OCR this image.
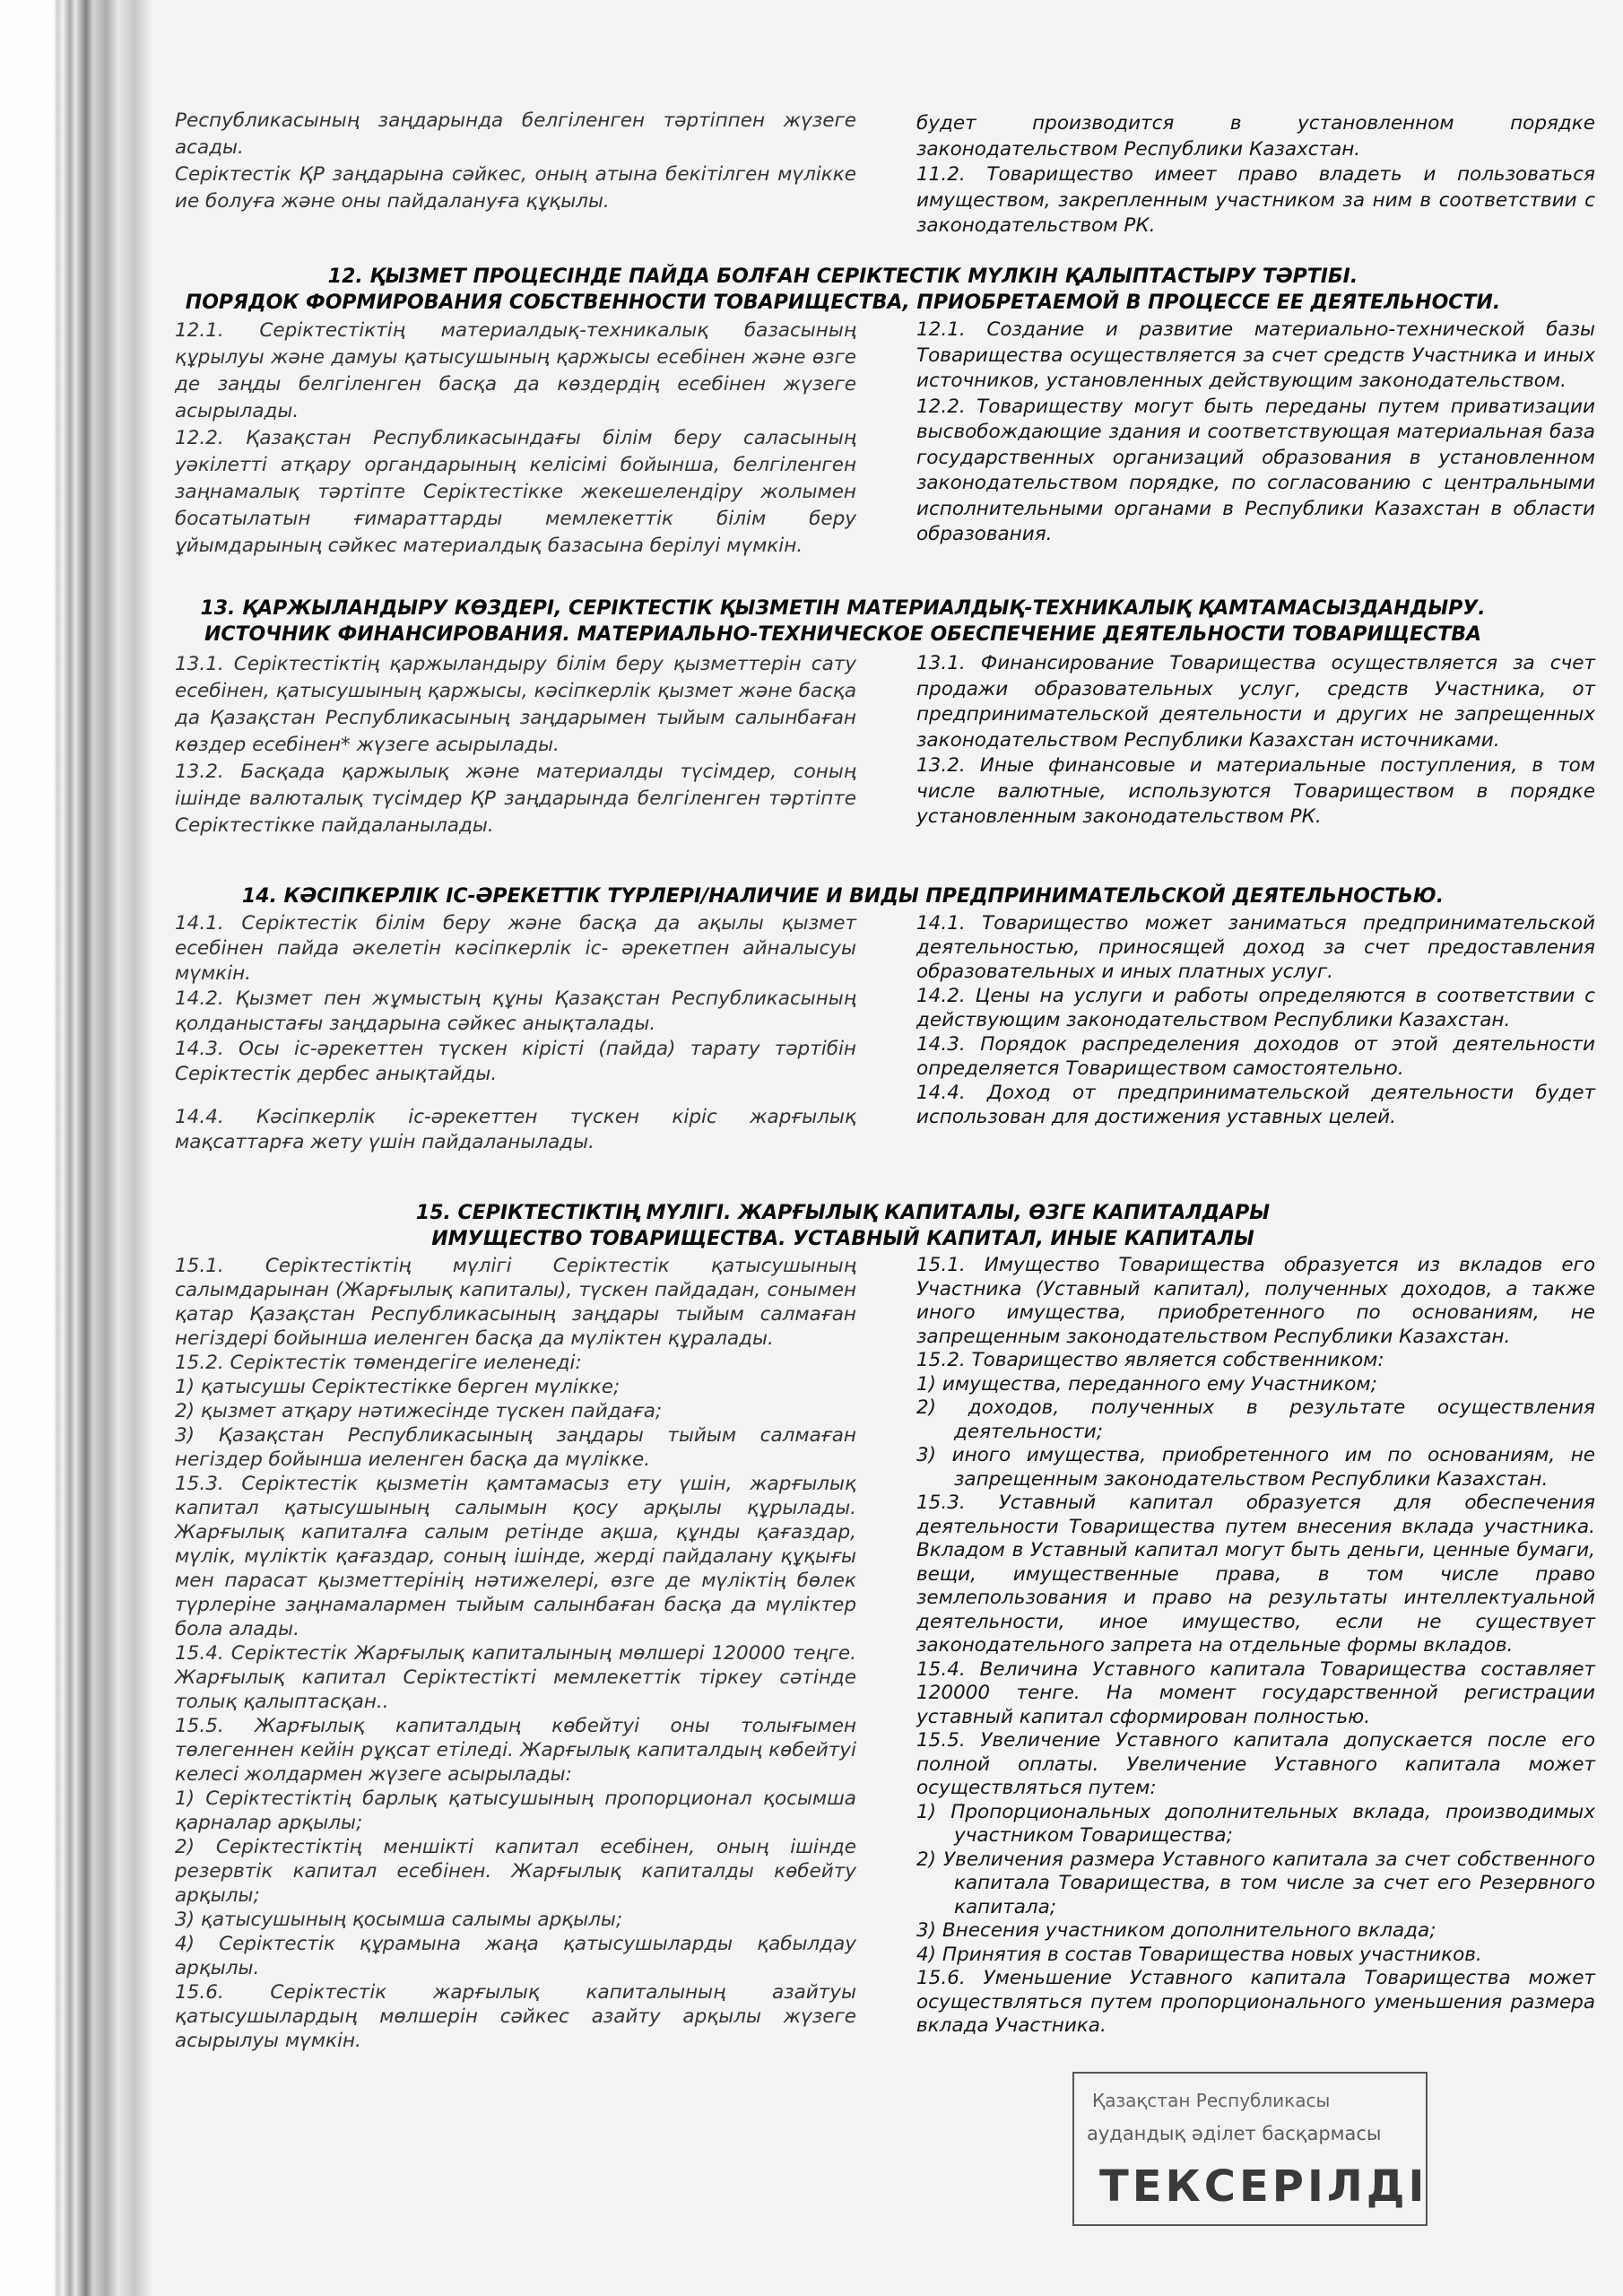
Республикасының заңдарында белгіленген тәртіппен жүзеге асады.

Серіктестік ҚР заңдарына сәйкес, оның атына бекітілген мүлікке ие болуға және оны пайдалануға құқылы.

будет производится в установленном порядке законодательством Республики Казахстан.

11.2. Товарищество имеет право владеть и пользоваться имуществом, закрепленным участником за ним в соответствии с законодательством РК.

12. ҚЫЗМЕТ ПРОЦЕСІНДЕ ПАЙДА БОЛҒАН СЕРІКТЕСТІК МҮЛКІН ҚАЛЫПТАСТЫРУ ТӘРТІБІ.
ПОРЯДОК ФОРМИРОВАНИЯ СОБСТВЕННОСТИ ТОВАРИЩЕСТВА, ПРИОБРЕТАЕМОЙ В ПРОЦЕССЕ ЕЕ ДЕЯТЕЛЬНОСТИ.

12.1. Серіктестіктің материалдық-техникалық базасының құрылуы және дамуы қатысушының қаржысы есебінен және өзге де заңды белгіленген басқа да көздердің есебінен жүзеге асырылады.

12.2. Қазақстан Республикасындағы білім беру саласының уәкілетті атқару органдарының келісімі бойынша, белгіленген заңнамалық тәртіпте Серіктестікке жекешелендіру жолымен босатылатын ғимараттарды мемлекеттік білім беру ұйымдарының сәйкес материалдық базасына берілуі мүмкін.

12.1. Создание и развитие материально-технической базы Товарищества осуществляется за счет средств Участника и иных источников, установленных действующим законодательством.

12.2. Товариществу могут быть переданы путем приватизации высвобождающие здания и соответствующая материальная база государственных организаций образования в установленном законодательством порядке, по согласованию с центральными исполнительными органами в Республики Казахстан в области образования.

13. ҚАРЖЫЛАНДЫРУ КӨЗДЕРІ, СЕРІКТЕСТІК ҚЫЗМЕТІН МАТЕРИАЛДЫҚ-ТЕХНИКАЛЫҚ ҚАМТАМАСЫЗДАНДЫРУ.
ИСТОЧНИК ФИНАНСИРОВАНИЯ. МАТЕРИАЛЬНО-ТЕХНИЧЕСКОЕ ОБЕСПЕЧЕНИЕ ДЕЯТЕЛЬНОСТИ ТОВАРИЩЕСТВА

13.1. Серіктестіктің қаржыландыру білім беру қызметтерін сату есебінен, қатысушының қаржысы, кәсіпкерлік қызмет және басқа да Қазақстан Республикасының заңдарымен тыйым салынбаған көздер есебінен* жүзеге асырылады.

13.2. Басқада қаржылық және материалды түсімдер, соның ішінде валюталық түсімдер ҚР заңдарында белгіленген тәртіпте Серіктестікке пайдаланылады.

13.1. Финансирование Товарищества осуществляется за счет продажи образовательных услуг, средств Участника, от предпринимательской деятельности и других не запрещенных законодательством Республики Казахстан источниками.

13.2. Иные финансовые и материальные поступления, в том числе валютные, используются Товариществом в порядке установленным законодательством РК.

14. КӘСІПКЕРЛІК ІС-ӘРЕКЕТТІК ТҮРЛЕРІ/НАЛИЧИЕ И ВИДЫ ПРЕДПРИНИМАТЕЛЬСКОЙ ДЕЯТЕЛЬНОСТЬЮ.

14.1. Серіктестік білім беру және басқа да ақылы қызмет есебінен пайда әкелетін кәсіпкерлік іс- әрекетпен айналысуы мүмкін.

14.2. Қызмет пен жұмыстың құны Қазақстан Республикасының қолданыстағы заңдарына сәйкес анықталады.

14.3. Осы іс-әрекеттен түскен кірісті (пайда) тарату тәртібін Серіктестік дербес анықтайды.

14.4. Кәсіпкерлік іс-әрекеттен түскен кіріс жарғылық мақсаттарға жету үшін пайдаланылады.

14.1. Товарищество может заниматься предпринимательской деятельностью, приносящей доход за счет предоставления образовательных и иных платных услуг.

14.2. Цены на услуги и работы определяются в соответствии с действующим законодательством Республики Казахстан.

14.3. Порядок распределения доходов от этой деятельности определяется Товариществом самостоятельно.

14.4. Доход от предпринимательской деятельности будет использован для достижения уставных целей.

15. СЕРІКТЕСТІКТІҢ МҮЛІГІ. ЖАРҒЫЛЫҚ КАПИТАЛЫ, ӨЗГЕ КАПИТАЛДАРЫ
ИМУЩЕСТВО ТОВАРИЩЕСТВА. УСТАВНЫЙ КАПИТАЛ, ИНЫЕ КАПИТАЛЫ

15.1. Серіктестіктің мүлігі Серіктестік қатысушының салымдарынан (Жарғылық капиталы), түскен пайдадан, сонымен қатар Қазақстан Республикасының заңдары тыйым салмаған негіздері бойынша иеленген басқа да мүліктен құралады.

15.2. Серіктестік төмендегіге иеленеді:

1) қатысушы Серіктестікке берген мүлікке;

2) қызмет атқару нәтижесінде түскен пайдаға;

3) Қазақстан Республикасының заңдары тыйым салмаған негіздер бойынша иеленген басқа да мүлікке.

15.3. Серіктестік қызметін қамтамасыз ету үшін, жарғылық капитал қатысушының салымын қосу арқылы құрылады. Жарғылық капиталға салым ретінде ақша, құнды қағаздар, мүлік, мүліктік қағаздар, соның ішінде, жерді пайдалану құқығы мен парасат қызметтерінің нәтижелері, өзге де мүліктің бөлек түрлеріне заңнамалармен тыйым салынбаған басқа да мүліктер бола алады.

15.4. Серіктестік Жарғылық капиталының мөлшері 120000 теңге. Жарғылық капитал Серіктестікті мемлекеттік тіркеу сәтінде толық қалыптасқан..

15.5. Жарғылық капиталдың көбейтуі оны толығымен төлегеннен кейін рұқсат етіледі. Жарғылық капиталдың көбейтуі келесі жолдармен жүзеге асырылады:

1) Серіктестіктің барлық қатысушының пропорционал қосымша қарналар арқылы;

2) Серіктестіктің меншікті капитал есебінен, оның ішінде резервтік капитал есебінен. Жарғылық капиталды көбейту арқылы;

3) қатысушының қосымша салымы арқылы;

4) Серіктестік құрамына жаңа қатысушыларды қабылдау арқылы.

15.6. Серіктестік жарғылық капиталының азайтуы қатысушылардың мөлшерін сәйкес азайту арқылы жүзеге асырылуы мүмкін.

15.1. Имущество Товарищества образуется из вкладов его Участника (Уставный капитал), полученных доходов, а также иного имущества, приобретенного по основаниям, не запрещенным законодательством Республики Казахстан.

15.2. Товарищество является собственником:

1) имущества, переданного ему Участником;

2) доходов, полученных в результате осуществления деятельности;

3) иного имущества, приобретенного им по основаниям, не запрещенным законодательством Республики Казахстан.

15.3. Уставный капитал образуется для обеспечения деятельности Товарищества путем внесения вклада участника. Вкладом в Уставный капитал могут быть деньги, ценные бумаги, вещи, имущественные права, в том числе право землепользования и право на результаты интеллектуальной деятельности, иное имущество, если не существует законодательного запрета на отдельные формы вкладов.

15.4. Величина Уставного капитала Товарищества составляет 120000 тенге. На момент государственной регистрации уставный капитал сформирован полностью.

15.5. Увеличение Уставного капитала допускается после его полной оплаты. Увеличение Уставного капитала может осуществляться путем:

1) Пропорциональных дополнительных вклада, производимых участником Товарищества;

2) Увеличения размера Уставного капитала за счет собственного капитала Товарищества, в том числе за счет его Резервного капитала;

3) Внесения участником дополнительного вклада;

4) Принятия в состав Товарищества новых участников.

15.6. Уменьшение Уставного капитала Товарищества может осуществляться путем пропорционального уменьшения размера вклада Участника.

Қазақстан Республикасы
аудандық әділет басқармасы
ТЕКСЕРІЛДІ
